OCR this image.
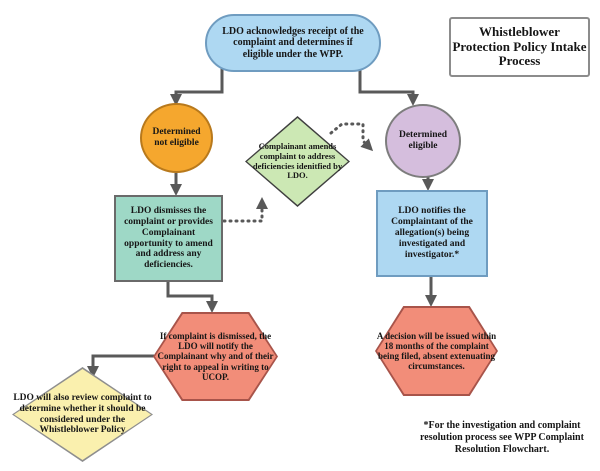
LDO acknowledges receipt of the complaint and determines if eligible under the WPP.
Whistleblower Protection Policy Intake Process
Determined not eligible
Determined eligible
Complainant amends complaint to address deficiencies idenitfied by LDO.
LDO dismisses the complaint or provides Complainant opportunity to amend and address any deficiencies.
LDO notifies the Complaintant of the allegation(s) being investigated and investigator.*
If complaint is dismissed, the LDO will notify the Complainant why and of their right to appeal in writing to UCOP.
A decision will be issued within 18 months of the complaint being filed, absent extenuating circumstances.
LDO will also review complaint to determine whether it should be considered under the Whistleblower Policy	*For the investigation and complaint resolution process see WPP Complaint Resolution Flowchart.
